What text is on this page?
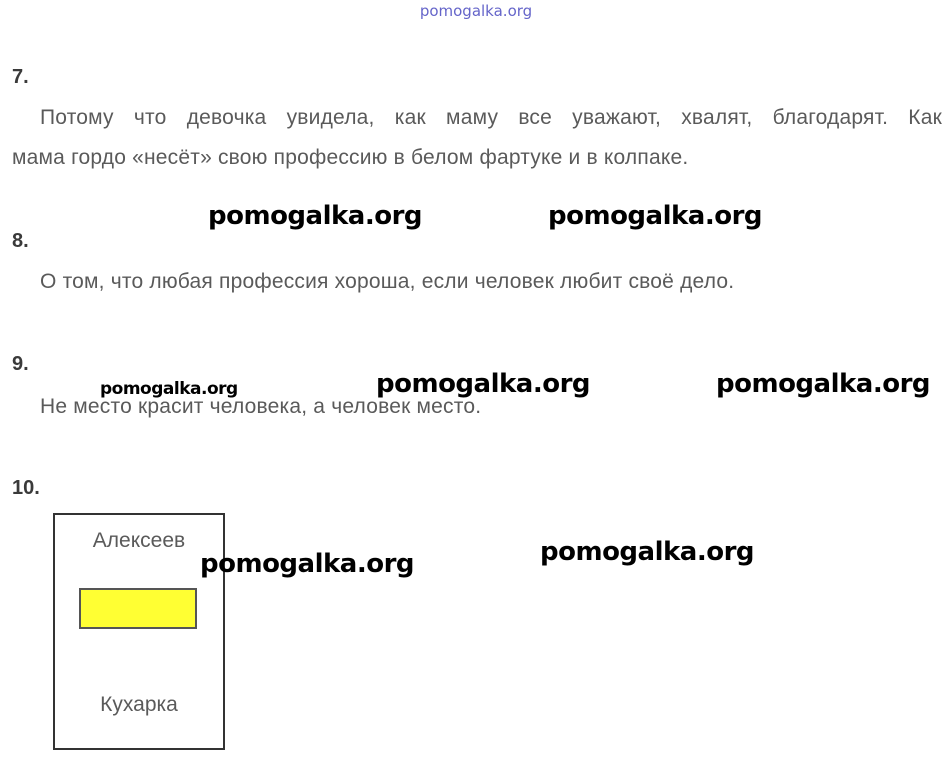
pomogalka.org
7.
Потому что девочка увидела, как маму все уважают, хвалят, благодарят. Как
мама гордо «несёт» свою профессию в белом фартуке и в колпаке.
8.
О том, что любая профессия хороша, если человек любит своё дело.
9.
Не место красит человека, а человек место.
10.
Алексеев
Кухарка
pomogalka.org	pomogalka.org
pomogalka.org	pomogalka.org	pomogalka.org
pomogalka.org	pomogalka.org
